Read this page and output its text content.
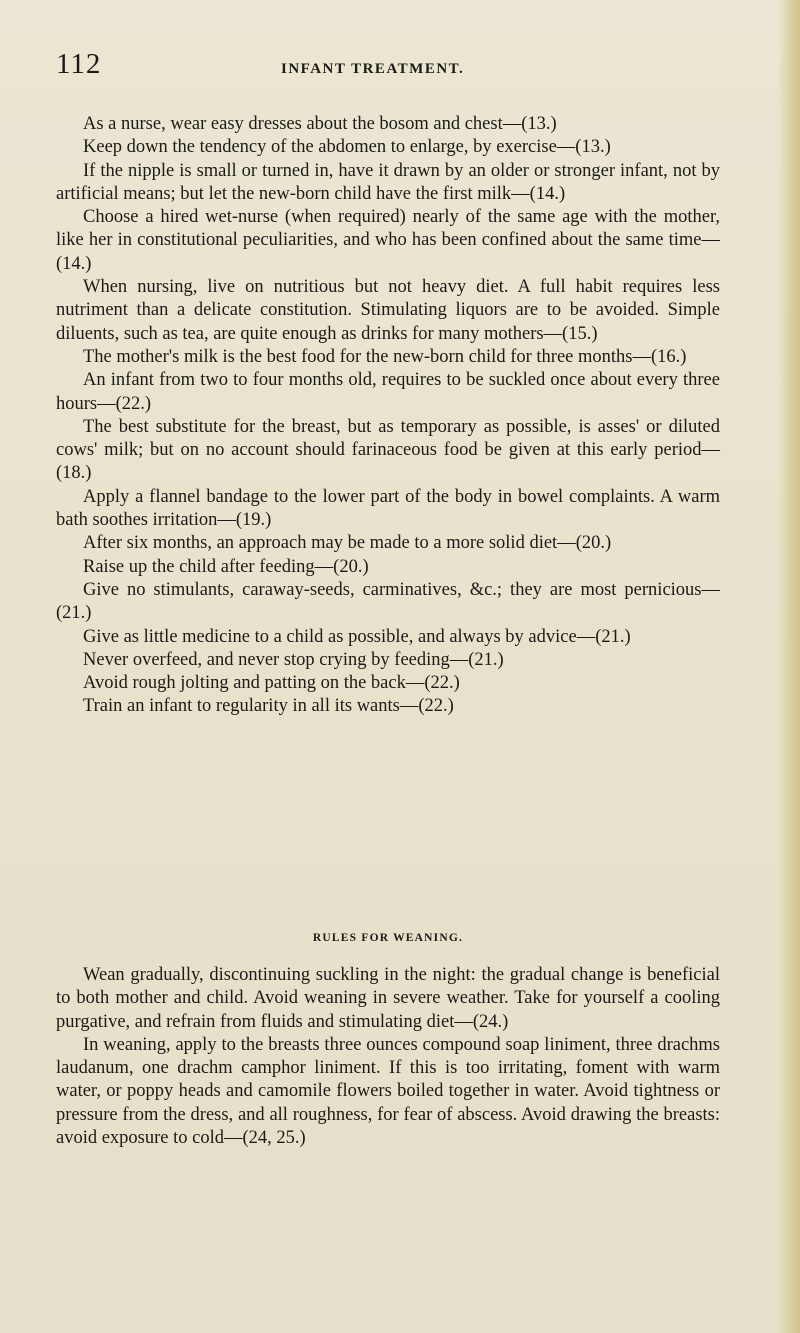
112	INFANT TREATMENT.

As a nurse, wear easy dresses about the bosom and chest—(13.)

Keep down the tendency of the abdomen to enlarge, by exercise—(13.)

If the nipple is small or turned in, have it drawn by an older or stronger infant, not by artificial means; but let the new-born child have the first milk—(14.)

Choose a hired wet-nurse (when required) nearly of the same age with the mother, like her in constitutional peculiarities, and who has been confined about the same time—(14.)

When nursing, live on nutritious but not heavy diet. A full habit requires less nutriment than a delicate constitution. Stimulating liquors are to be avoided. Simple diluents, such as tea, are quite enough as drinks for many mothers—(15.)

The mother's milk is the best food for the new-born child for three months—(16.)

An infant from two to four months old, requires to be suckled once about every three hours—(22.)

The best substitute for the breast, but as temporary as possible, is asses' or diluted cows' milk; but on no account should farinaceous food be given at this early period—(18.)

Apply a flannel bandage to the lower part of the body in bowel complaints. A warm bath soothes irritation—(19.)

After six months, an approach may be made to a more solid diet—(20.)

Raise up the child after feeding—(20.)

Give no stimulants, caraway-seeds, carminatives, &c.; they are most pernicious—(21.)

Give as little medicine to a child as possible, and always by advice—(21.)

Never overfeed, and never stop crying by feeding—(21.)

Avoid rough jolting and patting on the back—(22.)

Train an infant to regularity in all its wants—(22.)

RULES FOR WEANING.

Wean gradually, discontinuing suckling in the night: the gradual change is beneficial to both mother and child. Avoid weaning in severe weather. Take for yourself a cooling purgative, and refrain from fluids and stimulating diet—(24.)

In weaning, apply to the breasts three ounces compound soap liniment, three drachms laudanum, one drachm camphor liniment. If this is too irritating, foment with warm water, or poppy heads and camomile flowers boiled together in water. Avoid tightness or pressure from the dress, and all roughness, for fear of abscess. Avoid drawing the breasts: avoid exposure to cold—(24, 25.)
